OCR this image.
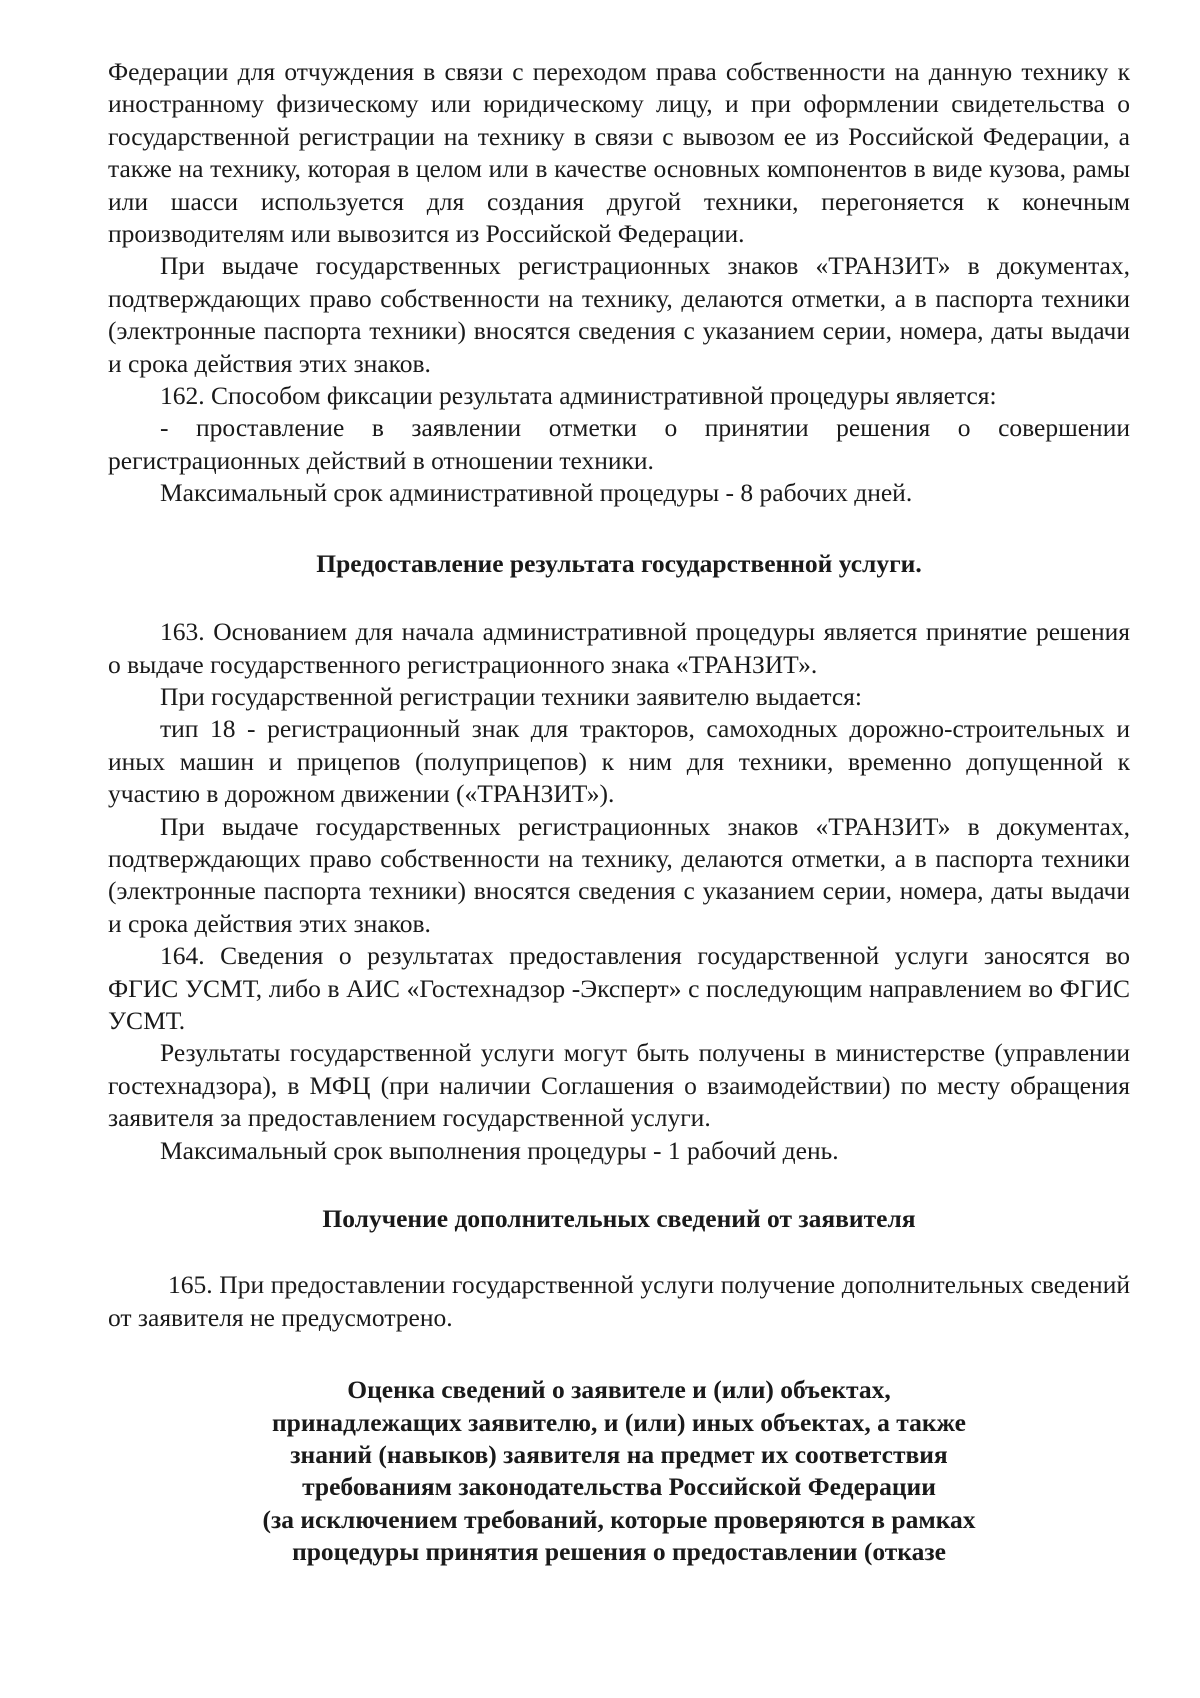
Федерации для отчуждения в связи с переходом права собственности на данную технику к иностранному физическому или юридическому лицу, и при оформлении свидетельства о государственной регистрации на технику в связи с вывозом ее из Российской Федерации, а также на технику, которая в целом или в качестве основных компонентов в виде кузова, рамы или шасси используется для создания другой техники, перегоняется к конечным производителям или вывозится из Российской Федерации.

При выдаче государственных регистрационных знаков «ТРАНЗИТ» в документах, подтверждающих право собственности на технику, делаются отметки, а в паспорта техники (электронные паспорта техники) вносятся сведения с указанием серии, номера, даты выдачи и срока действия этих знаков.

162. Способом фиксации результата административной процедуры является:

- проставление в заявлении отметки о принятии решения о совершении регистрационных действий в отношении техники.

Максимальный срок административной процедуры - 8 рабочих дней.

Предоставление результата государственной услуги.

163. Основанием для начала административной процедуры является принятие решения о выдаче государственного регистрационного знака «ТРАНЗИТ».

При государственной регистрации техники заявителю выдается:

тип 18 - регистрационный знак для тракторов, самоходных дорожно-строительных и иных машин и прицепов (полуприцепов) к ним для техники, временно допущенной к участию в дорожном движении («ТРАНЗИТ»).

При выдаче государственных регистрационных знаков «ТРАНЗИТ» в документах, подтверждающих право собственности на технику, делаются отметки, а в паспорта техники (электронные паспорта техники) вносятся сведения с указанием серии, номера, даты выдачи и срока действия этих знаков.

164. Сведения о результатах предоставления государственной услуги заносятся во ФГИС УСМТ, либо в АИС «Гостехнадзор -Эксперт» с последующим направлением во ФГИС УСМТ.

Результаты государственной услуги могут быть получены в министерстве (управлении гостехнадзора), в МФЦ (при наличии Соглашения о взаимодействии) по месту обращения заявителя за предоставлением государственной услуги.

Максимальный срок выполнения процедуры - 1 рабочий день.

Получение дополнительных сведений от заявителя

165. При предоставлении государственной услуги получение дополнительных сведений от заявителя не предусмотрено.

Оценка сведений о заявителе и (или) объектах,

принадлежащих заявителю, и (или) иных объектах, а также

знаний (навыков) заявителя на предмет их соответствия

требованиям законодательства Российской Федерации

(за исключением требований, которые проверяются в рамках

процедуры принятия решения о предоставлении (отказе
